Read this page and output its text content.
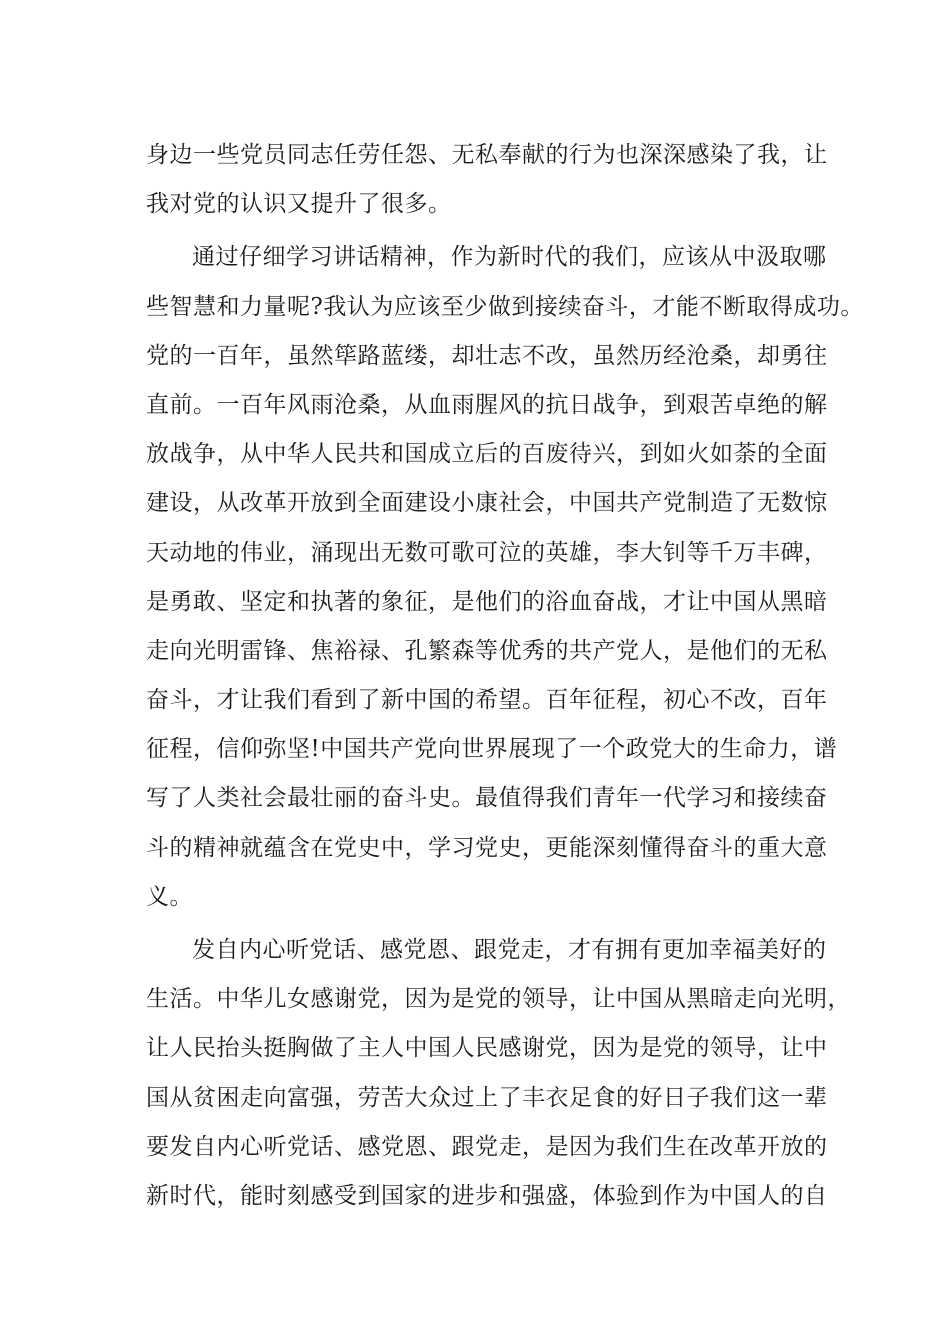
身边一些党员同志任劳任怨、无私奉献的行为也深深感染了我，让
我对党的认识又提升了很多。
通过仔细学习讲话精神，作为新时代的我们，应该从中汲取哪
些智慧和力量呢?我认为应该至少做到接续奋斗，才能不断取得成功。
党的一百年，虽然筚路蓝缕，却壮志不改，虽然历经沧桑，却勇往
直前。一百年风雨沧桑，从血雨腥风的抗日战争，到艰苦卓绝的解
放战争，从中华人民共和国成立后的百废待兴，到如火如荼的全面
建设，从改革开放到全面建设小康社会，中国共产党制造了无数惊
天动地的伟业，涌现出无数可歌可泣的英雄，李大钊等千万丰碑，
是勇敢、坚定和执著的象征，是他们的浴血奋战，才让中国从黑暗
走向光明雷锋、焦裕禄、孔繁森等优秀的共产党人，是他们的无私
奋斗，才让我们看到了新中国的希望。百年征程，初心不改，百年
征程，信仰弥坚!中国共产党向世界展现了一个政党大的生命力，谱
写了人类社会最壮丽的奋斗史。最值得我们青年一代学习和接续奋
斗的精神就蕴含在党史中，学习党史，更能深刻懂得奋斗的重大意
义。
发自内心听党话、感党恩、跟党走，才有拥有更加幸福美好的
生活。中华儿女感谢党，因为是党的领导，让中国从黑暗走向光明，
让人民抬头挺胸做了主人中国人民感谢党，因为是党的领导，让中
国从贫困走向富强，劳苦大众过上了丰衣足食的好日子我们这一辈
要发自内心听党话、感党恩、跟党走，是因为我们生在改革开放的
新时代，能时刻感受到国家的进步和强盛，体验到作为中国人的自
